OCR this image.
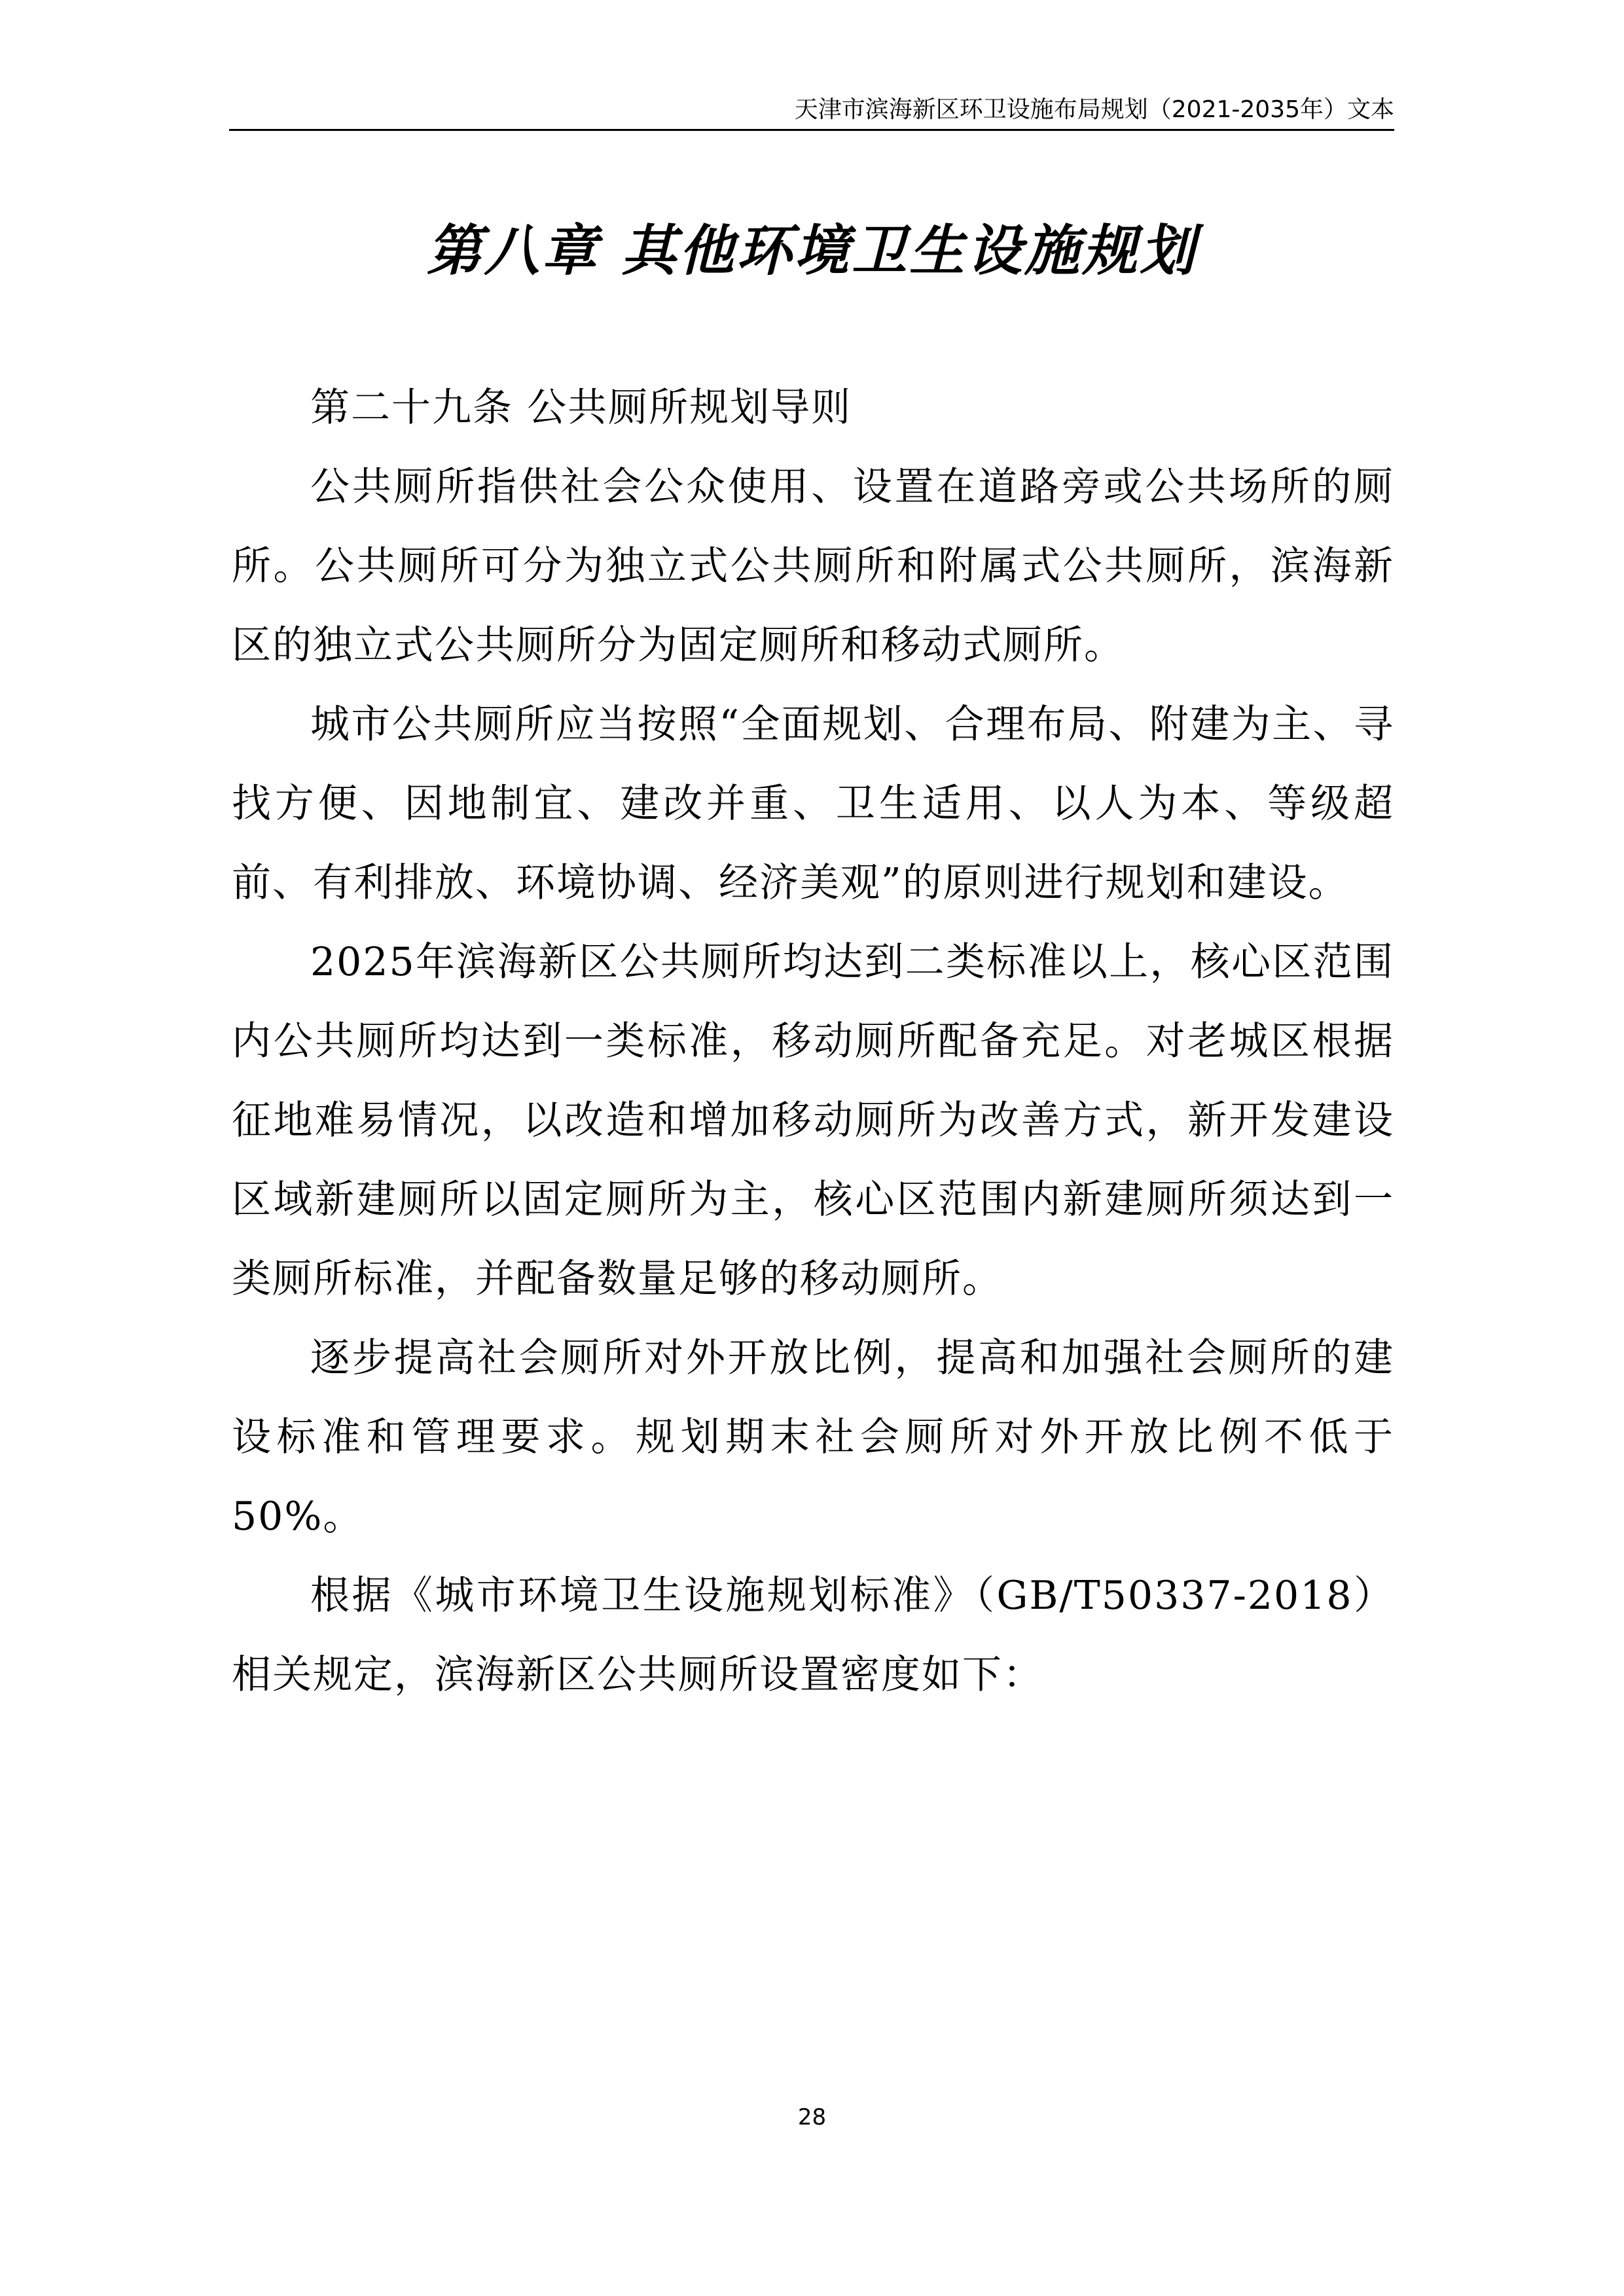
天津市滨海新区环卫设施布局规划（2021-2035年）文本
第八章 其他环境卫生设施规划

第二十九条 公共厕所规划导则

公共厕所指供社会公众使用、设置在道路旁或公共场所的厕所。公共厕所可分为独立式公共厕所和附属式公共厕所，滨海新区的独立式公共厕所分为固定厕所和移动式厕所。

城市公共厕所应当按照“全面规划、合理布局、附建为主、寻找方便、因地制宜、建改并重、卫生适用、以人为本、等级超前、有利排放、环境协调、经济美观”的原则进行规划和建设。

2025年滨海新区公共厕所均达到二类标准以上，核心区范围内公共厕所均达到一类标准，移动厕所配备充足。对老城区根据征地难易情况，以改造和增加移动厕所为改善方式，新开发建设区域新建厕所以固定厕所为主，核心区范围内新建厕所须达到一类厕所标准，并配备数量足够的移动厕所。

逐步提高社会厕所对外开放比例，提高和加强社会厕所的建设标准和管理要求。规划期末社会厕所对外开放比例不低于50%。

根据《城市环境卫生设施规划标准》（GB/T50337-2018）相关规定，滨海新区公共厕所设置密度如下：

28
